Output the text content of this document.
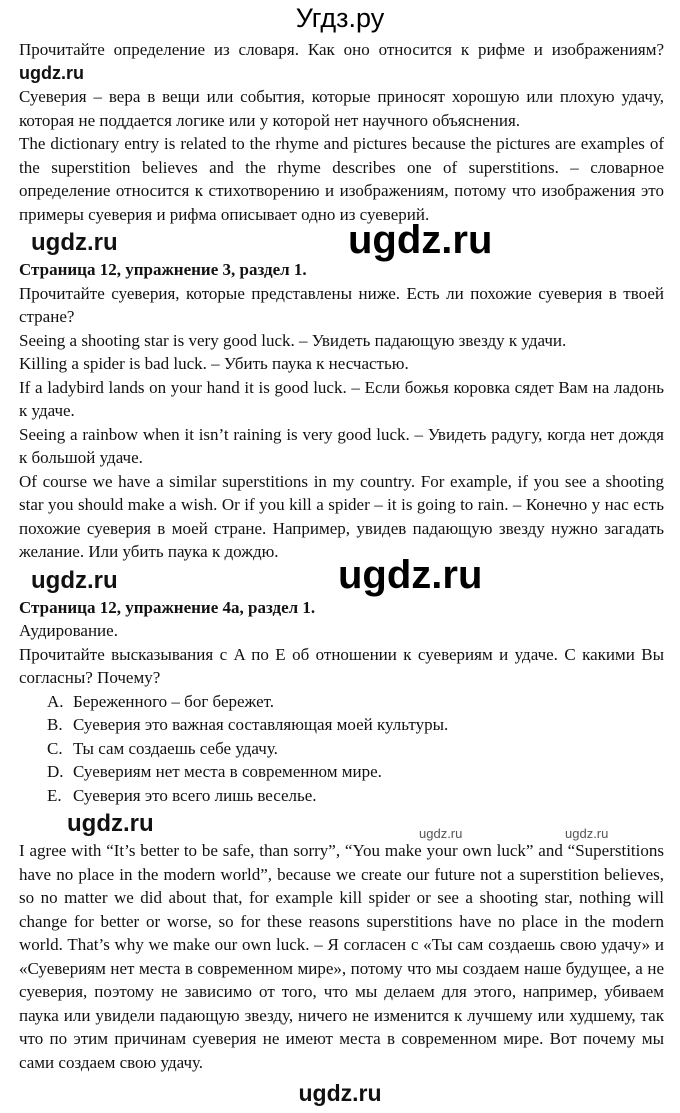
Угдз.ру
ugdz.ru
ugdz.ru
ugdz.ru	ugdz.ru

Прочитайте определение из словаря. Как оно относится к рифме и изображениям?ugdz.ru

Суеверия – вера в вещи или события, которые приносят хорошую или плохую удачу, которая не поддается логике или у которой нет научного объяснения.

The dictionary entry is related to the rhyme and pictures because the pictures are examples of the superstition believes and the rhyme describes one of superstitions. – словарное определение относится к стихотворению и изображениям, потому что изображения это примеры суеверия и рифма описывает одно из суеверий.

ugdz.ru

Страница 12, упражнение 3, раздел 1.

Прочитайте суеверия, которые представлены ниже. Есть ли похожие суеверия в твоей стране?

Seeing a shooting star is very good luck. – Увидеть падающую звезду к удачи.

Killing a spider is bad luck. – Убить паука к несчастью.

If a ladybird lands on your hand it is good luck. – Если божья коровка сядет Вам на ладонь к удаче.

Seeing a rainbow when it isn’t raining is very good luck. – Увидеть радугу, когда нет дождя к большой удаче.

Of course we have a similar superstitions in my country. For example, if you see a shooting star you should make a wish. Or if you kill a spider – it is going to rain. – Конечно у нас есть похожие суеверия в моей стране. Например, увидев падающую звезду нужно загадать желание. Или убить паука к дождю.

ugdz.ru

Страница 12, упражнение 4a, раздел 1.

Аудирование.

Прочитайте высказывания с A по E об отношении к суевериям и удаче. С какими Вы согласны? Почему?

A. Береженного – бог бережет.
B. Суеверия это важная составляющая моей культуры.
C. Ты сам создаешь себе удачу.
D. Суевериям нет места в современном мире.
E. Суеверия это всего лишь веселье.
ugdz.ru

I agree with “It’s better to be safe, than sorry”, “You make your own luck” and “Superstitions have no place in the modern world”, because we create our future not a superstition believes, so no matter we did about that, for example kill spider or see a shooting star, nothing will change for better or worse, so for these reasons superstitions have no place in the modern world. That’s why we make our own luck. – Я согласен с «Ты сам создаешь свою удачу» и «Суевериям нет места в современном мире», потому что мы создаем наше будущее, а не суеверия, поэтому не зависимо от того, что мы делаем для этого, например, убиваем паука или увидели падающую звезду, ничего не изменится к лучшему или худшему, так что по этим причинам суеверия не имеют места в современном мире. Вот почему мы сами создаем свою удачу.

ugdz.ru
